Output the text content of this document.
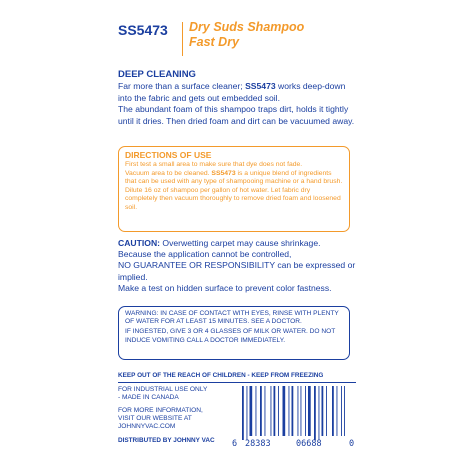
SS5473 Dry Suds Shampoo
Fast Dry
DEEP CLEANING
Far more than a surface cleaner; SS5473 works deep-down into the fabric and gets out embedded soil.
The abundant foam of this shampoo traps dirt, holds it tightly until it dries. Then dried foam and dirt can be vacuumed away.
DIRECTIONS OF USE
First test a small area to make sure that dye does not fade.
Vacuum area to be cleaned. SS5473 is a unique blend of ingredients that can be used with any type of shampooing machine or a hand brush.
Dilute 16 oz of shampoo per gallon of hot water. Let fabric dry completely then vacuum thoroughly to remove dried foam and loosened soil.
CAUTION: Overwetting carpet may cause shrinkage.
Because the application cannot be controlled,
NO GUARANTEE OR RESPONSIBILITY can be expressed or implied.
Make a test on hidden surface to prevent color fastness.

WARNING: IN CASE OF CONTACT WITH EYES, RINSE WITH PLENTY OF WATER FOR AT LEAST 15 MINUTES. SEE A DOCTOR.

IF INGESTED, GIVE 3 OR 4 GLASSES OF MILK OR WATER. DO NOT INDUCE VOMITING CALL A DOCTOR IMMEDIATELY.

KEEP OUT OF THE REACH OF CHILDREN - KEEP FROM FREEZING
FOR INDUSTRIAL USE ONLY
- MADE IN CANADA
FOR MORE INFORMATION,
VISIT OUR WEBSITE AT
JOHNNYVAC.COM
DISTRIBUTED BY JOHNNY VAC	6 28383	06688	0
